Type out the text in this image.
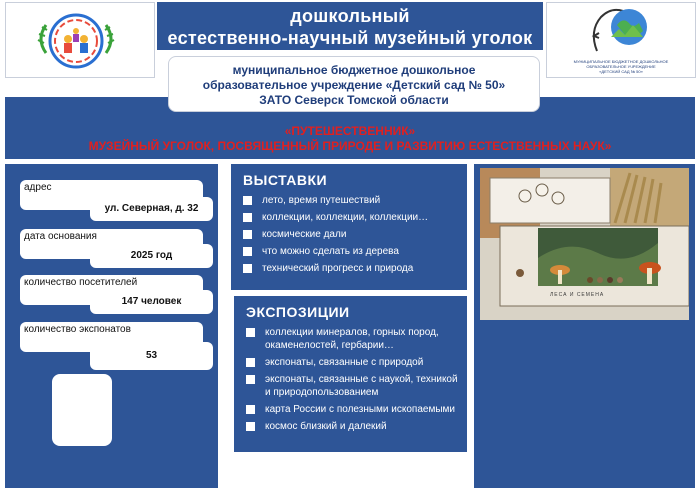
дошкольный
естественно-научный музейный уголок
МУНИЦИПАЛЬНОЕ БЮДЖЕТНОЕ ДОШКОЛЬНОЕ
ОБРАЗОВАТЕЛЬНОЕ УЧРЕЖДЕНИЕ
«ДЕТСКИЙ САД № 50»
«ПУТЕШЕСТВЕННИК»
МУЗЕЙНЫЙ УГОЛОК, ПОСВЯЩЕННЫЙ ПРИРОДЕ И РАЗВИТИЮ ЕСТЕСТВЕННЫХ НАУК»
муниципальное бюджетное дошкольное
образовательное учреждение «Детский сад № 50»
ЗАТО Северск Томской области
адрес
ул. Северная, д. 32
дата основания
2025 год
количество посетителей
147 человек
количество экспонатов
53
ВЫСТАВКИ
лето, время путешествий
коллекции, коллекции, коллекции…
космические дали
что можно сделать из дерева
технический прогресс и природа
ЭКСПОЗИЦИИ
коллекции минералов, горных пород, окаменелостей, гербарии…
экспонаты, связанные с природой
экспонаты, связанные с наукой, техникой и природопользованием
карта России с полезными ископаемыми
космос близкий и далекий
ЛЕСА И СЕМЕНА
